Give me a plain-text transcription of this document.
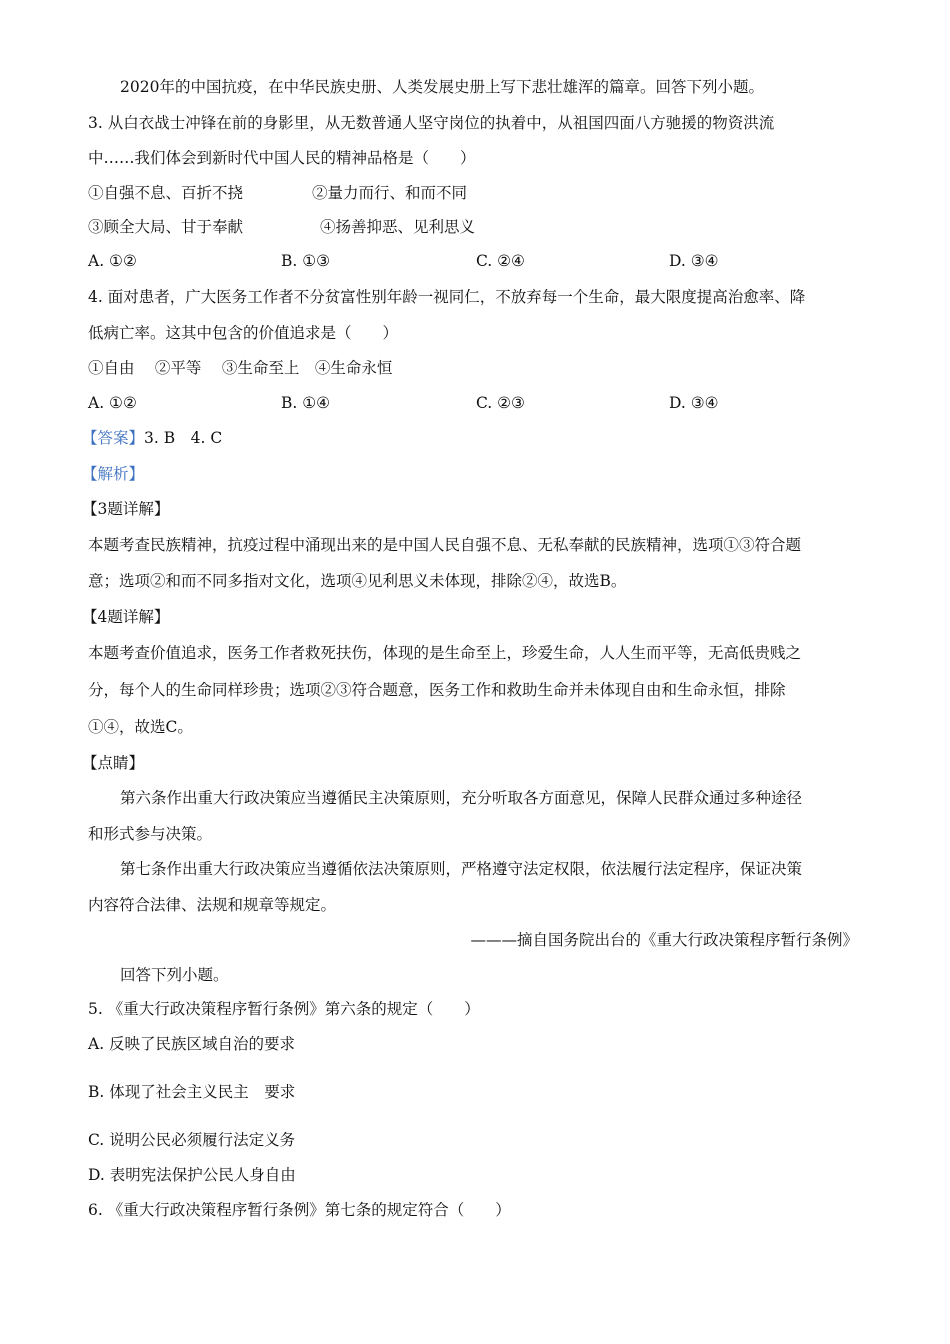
2020年的中国抗疫，在中华民族史册、人类发展史册上写下悲壮雄浑的篇章。回答下列小题。
3. 从白衣战士冲锋在前的身影里，从无数普通人坚守岗位的执着中，从祖国四面八方驰援的物资洪流
中……我们体会到新时代中国人民的精神品格是（　　）
①自强不息、百折不挠	②量力而行、和而不同
③顾全大局、甘于奉献	④扬善抑恶、见利思义
A. ①②	B. ①③	C. ②④	D. ③④
4. 面对患者，广大医务工作者不分贫富性别年龄一视同仁，不放弃每一个生命，最大限度提高治愈率、降
低病亡率。这其中包含的价值追求是（　　）
①自由　 ②平等　 ③生命至上　④生命永恒
A. ①②	B. ①④	C. ②③	D. ③④
【答案】3. B　4. C
【解析】
【3题详解】
本题考查民族精神，抗疫过程中涌现出来的是中国人民自强不息、无私奉献的民族精神，选项①③符合题
意；选项②和而不同多指对文化，选项④见利思义未体现，排除②④，故选B。
【4题详解】
本题考查价值追求，医务工作者救死扶伤，体现的是生命至上，珍爱生命，人人生而平等，无高低贵贱之
分，每个人的生命同样珍贵；选项②③符合题意，医务工作和救助生命并未体现自由和生命永恒，排除
①④，故选C。
【点睛】
第六条作出重大行政决策应当遵循民主决策原则，充分听取各方面意见，保障人民群众通过多种途径
和形式参与决策。
第七条作出重大行政决策应当遵循依法决策原则，严格遵守法定权限，依法履行法定程序，保证决策
内容符合法律、法规和规章等规定。
———摘自国务院出台的《重大行政决策程序暂行条例》
回答下列小题。
5. 《重大行政决策程序暂行条例》第六条的规定（　　）
A. 反映了民族区域自治的要求
B. 体现了社会主义民主　要求
C. 说明公民必须履行法定义务
D. 表明宪法保护公民人身自由
6. 《重大行政决策程序暂行条例》第七条的规定符合（　　）
